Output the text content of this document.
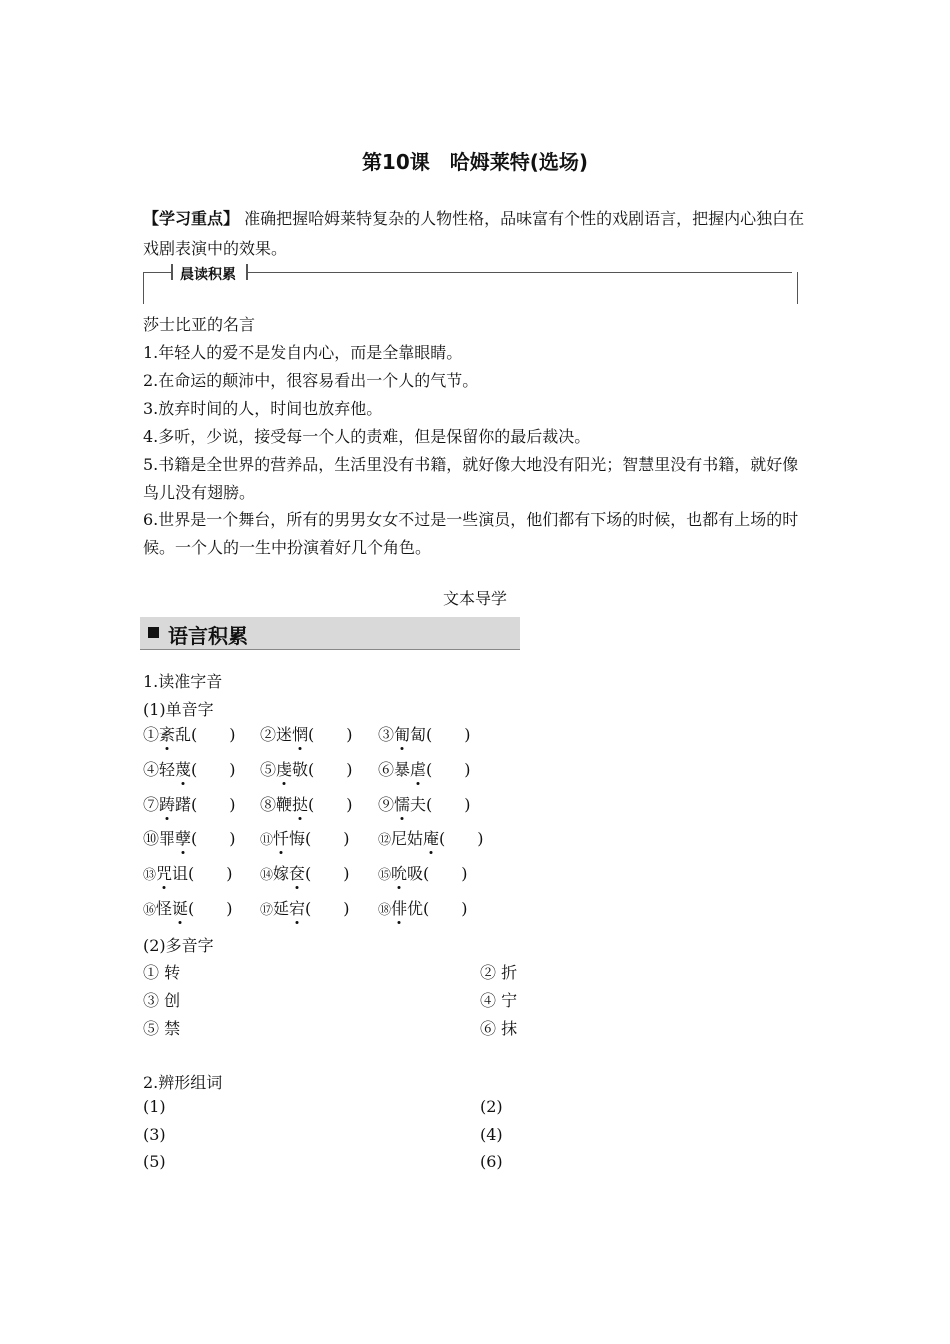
第10课　哈姆莱特(选场)
【学习重点】 准确把握哈姆莱特复杂的人物性格，品味富有个性的戏剧语言，把握内心独白在戏剧表演中的效果。
晨读积累
莎士比亚的名言
1.年轻人的爱不是发自内心，而是全靠眼睛。
2.在命运的颠沛中，很容易看出一个人的气节。
3.放弃时间的人，时间也放弃他。
4.多听，少说，接受每一个人的责难，但是保留你的最后裁决。
5.书籍是全世界的营养品，生活里没有书籍，就好像大地没有阳光；智慧里没有书籍，就好像鸟儿没有翅膀。
6.世界是一个舞台，所有的男男女女不过是一些演员，他们都有下场的时候，也都有上场的时候。一个人的一生中扮演着好几个角色。
文本导学
语言积累
1.读准字音
(1)单音字
①紊乱(　　) ②迷惘(　　) ③匍匐(　　)
④轻蔑(　　) ⑤虔敬(　　) ⑥暴虐(　　)
⑦踌躇(　　) ⑧鞭挞(　　) ⑨懦夫(　　)
⑩罪孽(　　) ⑪忏悔(　　) ⑫尼姑庵(　　)
⑬咒诅(　　) ⑭嫁奁(　　) ⑮吮吸(　　)
⑯怪诞(　　) ⑰延宕(　　) ⑱俳优(　　)
(2)多音字
① 转	② 折
③ 创	④ 宁
⑤ 禁	⑥ 抹
2.辨形组词
(1)	(2)
(3)	(4)
(5)	(6)
